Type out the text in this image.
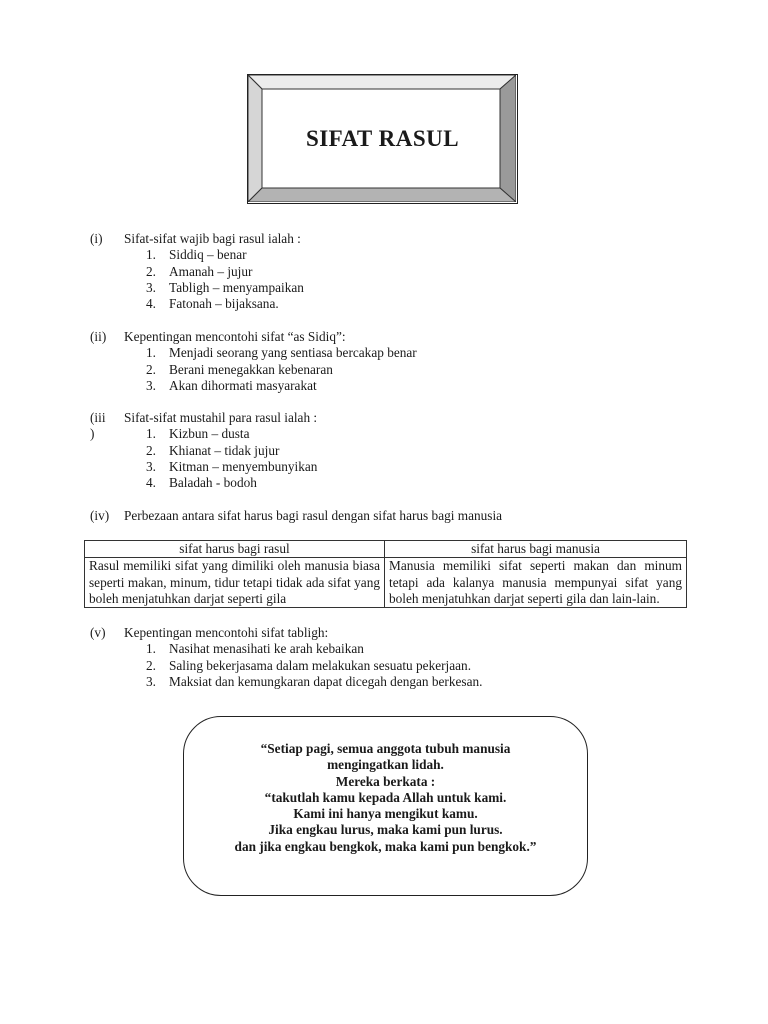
SIFAT RASUL
(i)	Sifat-sifat wajib bagi rasul ialah :
1. Siddiq – benar
2. Amanah – jujur
3. Tabligh – menyampaikan
4. Fatonah – bijaksana.
(ii)	Kepentingan mencontohi sifat “as Sidiq”:
1. Menjadi seorang yang sentiasa bercakap benar
2. Berani menegakkan kebenaran
3. Akan dihormati masyarakat
(iii
)
Sifat-sifat mustahil para rasul ialah :
1. Kizbun – dusta
2. Khianat – tidak jujur
3. Kitman – menyembunyikan
4. Baladah - bodoh
(iv)	Perbezaan antara sifat harus bagi rasul dengan sifat harus bagi manusia
sifat harus bagi rasul	sifat harus bagi manusia
Rasul memiliki sifat yang dimiliki oleh manusia biasa seperti makan, minum, tidur tetapi tidak ada sifat yang boleh menjatuhkan darjat seperti gila	Manusia memiliki sifat seperti makan dan minum tetapi ada kalanya manusia mempunyai sifat yang boleh menjatuhkan darjat seperti gila dan lain-lain.
(v)	Kepentingan mencontohi sifat tabligh:
1. Nasihat menasihati ke arah kebaikan
2. Saling bekerjasama dalam melakukan sesuatu pekerjaan.
3. Maksiat dan kemungkaran dapat dicegah dengan berkesan.
“Setiap pagi, semua anggota tubuh manusia
mengingatkan lidah.
Mereka berkata :
“takutlah kamu kepada Allah untuk kami.
Kami ini hanya mengikut kamu.
Jika engkau lurus, maka kami pun lurus.
dan jika engkau bengkok, maka kami pun bengkok.”
